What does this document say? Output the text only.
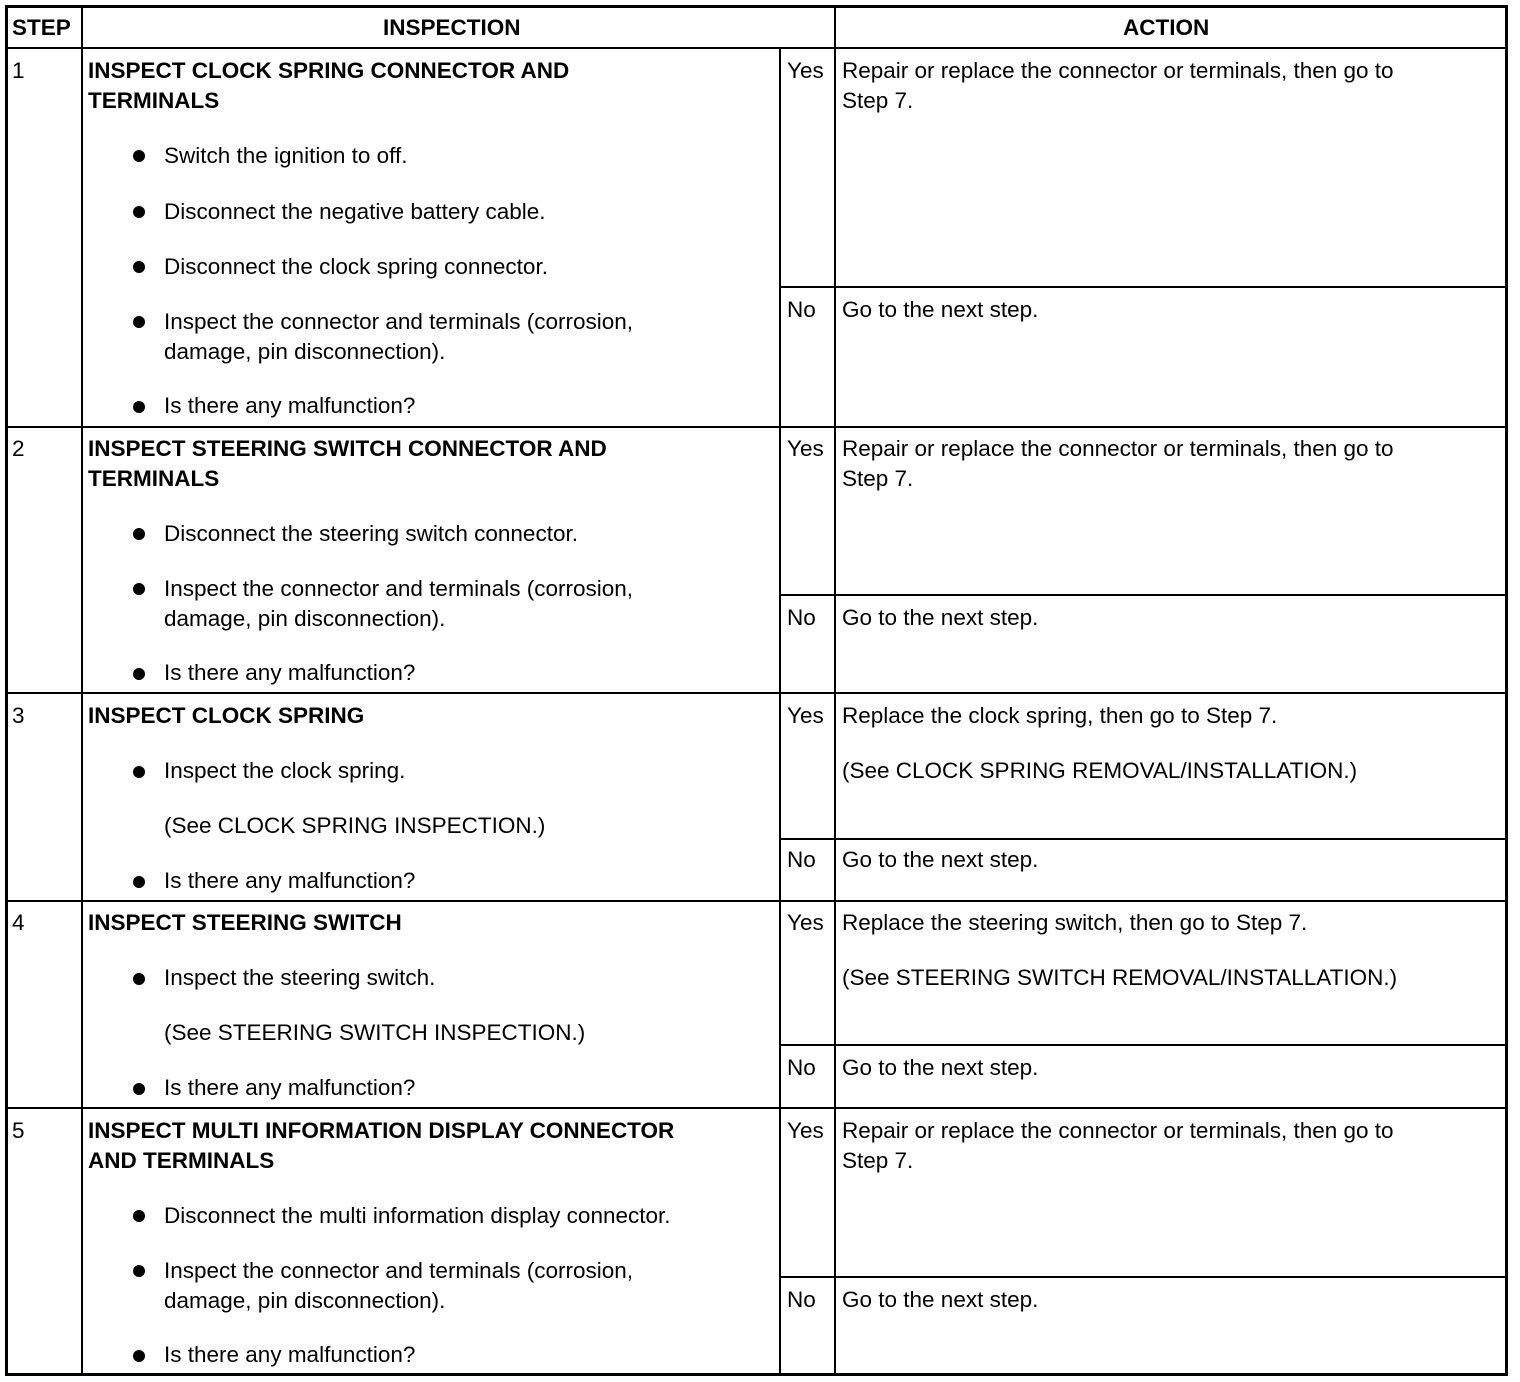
STEP	INSPECTION	ACTION
1	INSPECT CLOCK SPRING CONNECTOR AND
TERMINALS
Switch the ignition to off.
Disconnect the negative battery cable.
Disconnect the clock spring connector.
Inspect the connector and terminals (corrosion,
damage, pin disconnection).
Is there any malfunction?
Yes Repair or replace the connector or terminals, then go to
Step 7.
No Go to the next step.
2	INSPECT STEERING SWITCH CONNECTOR AND
TERMINALS
Disconnect the steering switch connector.
Inspect the connector and terminals (corrosion,
damage, pin disconnection).
Is there any malfunction?
Yes Repair or replace the connector or terminals, then go to
Step 7.
No Go to the next step.
3	INSPECT CLOCK SPRING
Inspect the clock spring.
(See CLOCK SPRING INSPECTION.)
Is there any malfunction?
Yes Replace the clock spring, then go to Step 7.
(See CLOCK SPRING REMOVAL/INSTALLATION.)
No Go to the next step.
4	INSPECT STEERING SWITCH
Inspect the steering switch.
(See STEERING SWITCH INSPECTION.)
Is there any malfunction?
Yes Replace the steering switch, then go to Step 7.
(See STEERING SWITCH REMOVAL/INSTALLATION.)
No Go to the next step.
5	INSPECT MULTI INFORMATION DISPLAY CONNECTOR
AND TERMINALS
Disconnect the multi information display connector.
Inspect the connector and terminals (corrosion,
damage, pin disconnection).
Is there any malfunction?
Yes Repair or replace the connector or terminals, then go to
Step 7.
No Go to the next step.
